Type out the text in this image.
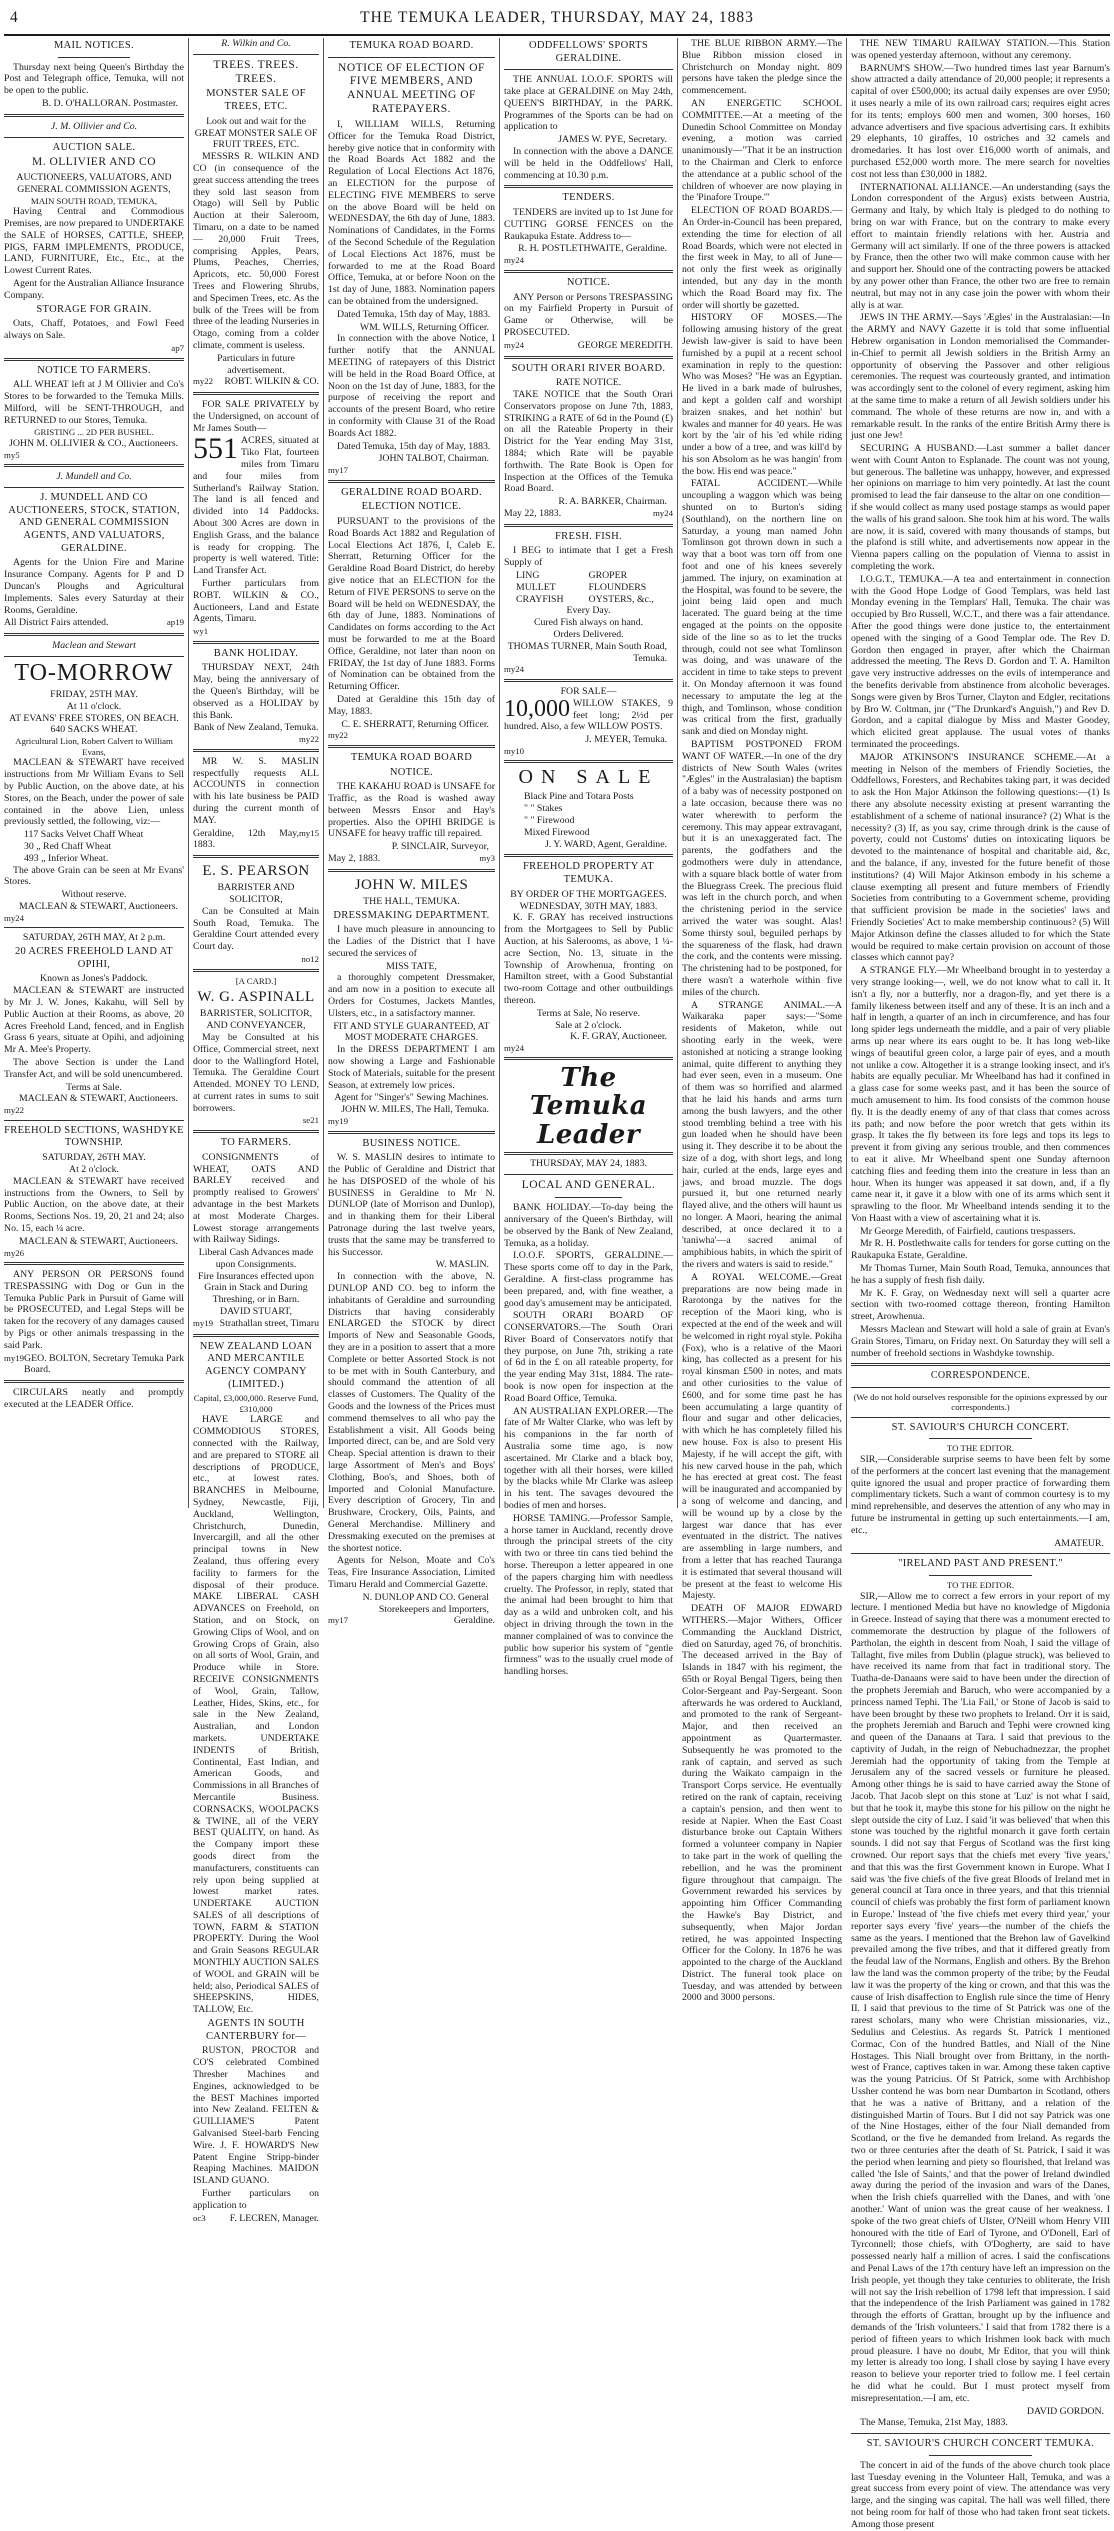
4	THE TEMUKA LEADER, THURSDAY, MAY 24, 1883
MAIL NOTICES.
Thursday next being Queen's Birthday the Post and Telegraph office, Temuka, will not be open to the public.
B. D. O'HALLORAN. Postmaster.
J. M. Ollivier and Co.
AUCTION SALE.
M. OLLIVIER AND CO
AUCTIONEERS, VALUATORS, AND GENERAL COMMISSION AGENTS,
MAIN SOUTH ROAD, TEMUKA,
Having Central and Commodious Premises, are now prepared to UNDERTAKE the SALE of HORSES, CATTLE, SHEEP, PIGS, FARM IMPLEMENTS, PRODUCE, LAND, FURNITURE, Etc., Etc., at the Lowest Current Rates.
Agent for the Australian Alliance Insurance Company.
STORAGE FOR GRAIN.
Oats, Chaff, Potatoes, and Fowl Feed always on Sale.
ap7
NOTICE TO FARMERS.
ALL WHEAT left at J M Ollivier and Co's Stores to be forwarded to the Temuka Mills. Milford, will be SENT-THROUGH, and RETURNED to our Stores, Temuka.
GRISTING ... 2D PER BUSHEL.
JOHN M. OLLIVIER & CO., Auctioneers.
my5
J. Mundell and Co.
J. MUNDELL AND CO AUCTIONEERS, STOCK, STATION, AND GENERAL COMMISSION AGENTS, AND VALUATORS, GERALDINE.
Agents for the Union Fire and Marine Insurance Company. Agents for P and D Duncan's Ploughs and Agricultural Implements. Sales every Saturday at their Rooms, Geraldine.
All District Fairs attended.	ap19
Maclean and Stewart
TO-MORROW
FRIDAY, 25TH MAY.
At 11 o'clock.
AT EVANS' FREE STORES, ON BEACH.
640 SACKS WHEAT.
Agricultural Lion, Robert Calvert to William Evans,
MACLEAN & STEWART have received instructions from Mr William Evans to Sell by Public Auction, on the above date, at his Stores, on the Beach, under the power of sale contained in the above Lien, unless previously settled, the following, viz:—
117 Sacks Velvet Chaff Wheat
30 „ Red Chaff Wheat
493 „ Inferior Wheat.
The above Grain can be seen at Mr Evans' Stores.
Without reserve.
MACLEAN & STEWART, Auctioneers.
my24
SATURDAY, 26TH MAY, At 2 p.m.
20 ACRES FREEHOLD LAND AT OPIHI,
Known as Jones's Paddock.
MACLEAN & STEWART are instructed by Mr J. W. Jones, Kakahu, will Sell by Public Auction at their Rooms, as above, 20 Acres Freehold Land, fenced, and in English Grass 6 years, situate at Opihi, and adjoining Mr A. Mee's Property.
The above Section is under the Land Transfer Act, and will be sold unencumbered.
Terms at Sale.
MACLEAN & STEWART, Auctioneers.
my22
FREEHOLD SECTIONS, WASHDYKE TOWNSHIP.
SATURDAY, 26TH MAY.
At 2 o'clock.
MACLEAN & STEWART have received instructions from the Owners, to Sell by Public Auction, on the above date, at their Rooms, Sections Nos. 19, 20, 21 and 24; also No. 15, each ¼ acre.
MACLEAN & STEWART, Auctioneers.
my26
ANY PERSON OR PERSONS found TRESPASSING with Dog or Gun in the Temuka Public Park in Pursuit of Game will be PROSECUTED, and Legal Steps will be taken for the recovery of any damages caused by Pigs or other animals trespassing in the said Park.
my19 GEO. BOLTON, Secretary Temuka Park Board.
CIRCULARS neatly and promptly executed at the LEADER Office.
R. Wilkin and Co.
TREES. TREES. TREES.
MONSTER SALE OF TREES, ETC.
Look out and wait for the GREAT MONSTER SALE OF FRUIT TREES, ETC.
MESSRS R. WILKIN AND CO (in consequence of the great success attending the trees they sold last season from Otago) will Sell by Public Auction at their Saleroom, Timaru, on a date to be named— 20,000 Fruit Trees, comprising Apples, Pears, Plums, Peaches, Cherries, Apricots, etc. 50,000 Forest Trees and Flowering Shrubs, and Specimen Trees, etc. As the bulk of the Trees will be from three of the leading Nurseries in Otago, coming from a colder climate, comment is useless.
Particulars in future advertisement.
my22 ROBT. WILKIN & CO.
FOR SALE PRIVATELY by the Undersigned, on account of Mr James South—
551 ACRES, situated at Tiko Flat, fourteen miles from Timaru and four miles from Sutherland's Railway Station. The land is all fenced and divided into 14 Paddocks. About 300 Acres are down in English Grass, and the balance is ready for cropping. The property is well watered. Title: Land Transfer Act.
Further particulars from ROBT. WILKIN & CO., Auctioneers, Land and Estate Agents, Timaru.
wy1
BANK HOLIDAY.
THURSDAY NEXT, 24th May, being the anniversary of the Queen's Birthday, will be observed as a HOLIDAY by this Bank.
Bank of New Zealand, Temuka.
my22
MR W. S. MASLIN respectfully requests ALL ACCOUNTS in connection with his late business be PAID during the current month of MAY.
Geraldine, 12th May, 1883.
my15
E. S. PEARSON
BARRISTER AND SOLICITOR,
Can be Consulted at Main South Road, Temuka. The Geraldine Court attended every Court day.
no12
[A CARD.]
W. G. ASPINALL
BARRISTER, SOLICITOR, AND CONVEYANCER,
May be Consulted at his Office, Commercial street, next door to the Wallingford Hotel, Temuka. The Geraldine Court Attended. MONEY TO LEND, at current rates in sums to suit borrowers.
se21
TO FARMERS.
CONSIGNMENTS of WHEAT, OATS AND BARLEY received and promptly realised to Growers' advantage in the best Markets at most Moderate Charges. Lowest storage arrangements with Railway Sidings.
Liberal Cash Advances made upon Consignments.
Fire Insurances effected upon Grain in Stack and During Threshing, or in Barn.
DAVID STUART,
my19 Strathallan street, Timaru
NEW ZEALAND LOAN AND MERCANTILE AGENCY COMPANY (LIMITED.)
Capital, £3,000,000. Reserve Fund, £310,000
HAVE LARGE and COMMODIOUS STORES, connected with the Railway, and are prepared to STORE all descriptions of PRODUCE, etc., at lowest rates. BRANCHES in Melbourne, Sydney, Newcastle, Fiji, Auckland, Wellington, Christchurch, Dunedin, Invercargill, and all the other principal towns in New Zealand, thus offering every facility to farmers for the disposal of their produce. MAKE LIBERAL CASH ADVANCES on Freehold, on Station, and on Stock, on Growing Clips of Wool, and on Growing Crops of Grain, also on all sorts of Wool, Grain, and Produce while in Store. RECEIVE CONSIGNMENTS of Wool, Grain, Tallow, Leather, Hides, Skins, etc., for sale in the New Zealand, Australian, and London markets. UNDERTAKE INDENTS of British, Continental, East Indian, and American Goods, and Commissions in all Branches of Mercantile Business. CORNSACKS, WOOLPACKS & TWINE, all of the VERY BEST QUALITY, on hand. As the Company import these goods direct from the manufacturers, constituents can rely upon being supplied at lowest market rates. UNDERTAKE AUCTION SALES of all descriptions of TOWN, FARM & STATION PROPERTY. During the Wool and Grain Seasons REGULAR MONTHLY AUCTION SALES of WOOL and GRAIN will be held; also, Periodical SALES of SHEEPSKINS, HIDES, TALLOW, Etc.
AGENTS IN SOUTH CANTERBURY for—
RUSTON, PROCTOR and CO'S celebrated Combined Thresher Machines and Engines, acknowledged to be the BEST Machines imported into New Zealand. FELTEN & GUILLIAME'S Patent Galvanised Steel-barb Fencing Wire. J. F. HOWARD'S New Patent Engine Stripp-binder Reaping Machines. MAIDON ISLAND GUANO.
Further particulars on application to
oc3 F. LECREN, Manager.
TEMUKA ROAD BOARD.
NOTICE OF ELECTION OF FIVE MEMBERS, AND ANNUAL MEETING OF RATEPAYERS.
I, WILLIAM WILLS, Returning Officer for the Temuka Road District, hereby give notice that in conformity with the Road Boards Act 1882 and the Regulation of Local Elections Act 1876, an ELECTION for the purpose of ELECTING FIVE MEMBERS to serve on the above Board will be held on WEDNESDAY, the 6th day of June, 1883. Nominations of Candidates, in the Forms of the Second Schedule of the Regulation of Local Elections Act 1876, must be forwarded to me at the Road Board Office, Temuka, at or before Noon on the 1st day of June, 1883. Nomination papers can be obtained from the undersigned.
Dated Temuka, 15th day of May, 1883.
WM. WILLS, Returning Officer.
In connection with the above Notice, I further notify that the ANNUAL MEETING of ratepayers of this District will be held in the Road Board Office, at Noon on the 1st day of June, 1883, for the purpose of receiving the report and accounts of the present Board, who retire in conformity with Clause 31 of the Road Boards Act 1882.
Dated Temuka, 15th day of May, 1883.
JOHN TALBOT, Chairman.
my17
GERALDINE ROAD BOARD.
ELECTION NOTICE.
PURSUANT to the provisions of the Road Boards Act 1882 and Regulation of Local Elections Act 1876, I, Caleb E. Sherratt, Returning Officer for the Geraldine Road Board District, do hereby give notice that an ELECTION for the Return of FIVE PERSONS to serve on the Board will be held on WEDNESDAY, the 6th day of June, 1883. Nominations of Candidates on forms according to the Act must be forwarded to me at the Board Office, Geraldine, not later than noon on FRIDAY, the 1st day of June 1883. Forms of Nomination can be obtained from the Returning Officer.
Dated at Geraldine this 15th day of May, 1883.
C. E. SHERRATT, Returning Officer.
my22
TEMUKA ROAD BOARD
NOTICE.
THE KAKAHU ROAD is UNSAFE for Traffic, as the Road is washed away between Messrs Ensor and Hay's properties. Also the OPIHI BRIDGE is UNSAFE for heavy traffic till repaired.
P. SINCLAIR, Surveyor,
May 2, 1883.	my3
JOHN W. MILES
THE HALL, TEMUKA.
DRESSMAKING DEPARTMENT.
I have much pleasure in announcing to the Ladies of the District that I have secured the services of
MISS TATE,
a thoroughly competent Dressmaker, and am now in a position to execute all Orders for Costumes, Jackets Mantles, Ulsters, etc., in a satisfactory manner.
FIT AND STYLE GUARANTEED, AT MOST MODERATE CHARGES.
In the DRESS DEPARTMENT I am now showing a Large and Fashionable Stock of Materials, suitable for the present Season, at extremely low prices.
Agent for "Singer's" Sewing Machines.
JOHN W. MILES, The Hall, Temuka.
my19
BUSINESS NOTICE.
W. S. MASLIN desires to intimate to the Public of Geraldine and District that he has DISPOSED of the whole of his BUSINESS in Geraldine to Mr N. DUNLOP (late of Morrison and Dunlop), and in thanking them for their Liberal Patronage during the last twelve years, trusts that the same may be transferred to his Successor.
W. MASLIN.
In connection with the above, N. DUNLOP AND CO. beg to inform the inhabitants of Geraldine and surrounding Districts that having considerably ENLARGED the STOCK by direct Imports of New and Seasonable Goods, they are in a position to assert that a more Complete or better Assorted Stock is not to be met with in South Canterbury, and should command the attention of all classes of Customers. The Quality of the Goods and the lowness of the Prices must commend themselves to all who pay the Establishment a visit. All Goods being Imported direct, can be, and are Sold very Cheap. Special attention is drawn to their large Assortment of Men's and Boys' Clothing, Boo's, and Shoes, both of Imported and Colonial Manufacture. Every description of Grocery, Tin and Brushware, Crockery, Oils, Paints, and General Merchandise. Millinery and Dressmaking executed on the premises at the shortest notice.
Agents for Nelson, Moate and Co's Teas, Fire Insurance Association, Limited Timaru Herald and Commercial Gazette.
N. DUNLOP AND CO. General Storekeepers and Importers,
my17	Geraldine.
ODDFELLOWS' SPORTS GERALDINE.
THE ANNUAL I.O.O.F. SPORTS will take place at GERALDINE on May 24th, QUEEN'S BIRTHDAY, in the PARK. Programmes of the Sports can be had on application to
JAMES W. PYE, Secretary.
In connection with the above a DANCE will be held in the Oddfellows' Hall, commencing at 10.30 p.m.
TENDERS.
TENDERS are invited up to 1st June for CUTTING GORSE FENCES on the Raukapuka Estate. Address to—
R. H. POSTLETHWAITE, Geraldine.
my24
NOTICE.
ANY Person or Persons TRESPASSING on my Fairfield Property in Pursuit of Game or Otherwise, will be PROSECUTED.
my24	GEORGE MEREDITH.
SOUTH ORARI RIVER BOARD.
RATE NOTICE.
TAKE NOTICE that the South Orari Conservators propose on June 7th, 1883, STRIKING a RATE of 6d in the Pound (£) on all the Rateable Property in their District for the Year ending May 31st, 1884; which Rate will be payable forthwith. The Rate Book is Open for Inspection at the Offices of the Temuka Road Board.
R. A. BARKER, Chairman.
May 22, 1883.	my24
FRESH. FISH.
I BEG to intimate that I get a Fresh Supply of
LING	GROPER
MULLET	FLOUNDERS
CRAYFISH	OYSTERS, &c.,
Every Day.
Cured Fish always on hand.
Orders Delivered.
THOMAS TURNER, Main South Road, Temuka.
my24
FOR SALE—
10,000 WILLOW STAKES, 9 feet long; 2½d per hundred. Also, a few WILLOW POSTS.
J. MEYER, Temuka.
my10
ON SALE
Black Pine and Totara Posts
" " Stakes
" " Firewood
Mixed Firewood
J. Y. WARD, Agent, Geraldine.
FREEHOLD PROPERTY AT TEMUKA.
BY ORDER OF THE MORTGAGEES.
WEDNESDAY, 30TH MAY, 1883.
K. F. GRAY has received instructions from the Mortgagees to Sell by Public Auction, at his Salerooms, as above, 1 ¼-acre Section, No. 13, situate in the Township of Arowhenua, fronting on Hamilton street, with a Good Substantial two-room Cottage and other outbuildings thereon.
Terms at Sale, No reserve.
Sale at 2 o'clock.
K. F. GRAY, Auctioneer.
my24
The Temuka Leader
THURSDAY, MAY 24, 1883.
LOCAL AND GENERAL.
BANK HOLIDAY.—To-day being the anniversary of the Queen's Birthday, will be observed by the Bank of New Zealand, Temuka, as a holiday.
I.O.O.F. SPORTS, GERALDINE.—These sports come off to day in the Park, Geraldine. A first-class programme has been prepared, and, with fine weather, a good day's amusement may be anticipated.
SOUTH ORARI BOARD OF CONSERVATORS.—The South Orari River Board of Conservators notify that they purpose, on June 7th, striking a rate of 6d in the £ on all rateable property, for the year ending May 31st, 1884. The rate-book is now open for inspection at the Road Board Office, Temuka.
AN AUSTRALIAN EXPLORER.—The fate of Mr Walter Clarke, who was left by his companions in the far north of Australia some time ago, is now ascertained. Mr Clarke and a black boy, together with all their horses, were killed by the blacks while Mr Clarke was asleep in his tent. The savages devoured the bodies of men and horses.
HORSE TAMING.—Professor Sample, a horse tamer in Auckland, recently drove through the principal streets of the city with two or three tin cans tied behind the horse. Thereupon a letter appeared in one of the papers charging him with needless cruelty. The Professor, in reply, stated that the animal had been brought to him that day as a wild and unbroken colt, and his object in driving through the town in the manner complained of was to convince the public how superior his system of "gentle firmness" was to the usually cruel mode of handling horses.
THE BLUE RIBBON ARMY.—The Blue Ribbon mission closed in Christchurch on Monday night. 809 persons have taken the pledge since the commencement.
AN ENERGETIC SCHOOL COMMITTEE.—At a meeting of the Dunedin School Committee on Monday evening, a motion was carried unanimously—"That it be an instruction to the Chairman and Clerk to enforce the attendance at a public school of the children of whoever are now playing in the 'Pinafore Troupe.'"
ELECTION OF ROAD BOARDS.—An Order-in-Council has been prepared, extending the time for election of all Road Boards, which were not elected in the first week in May, to all of June—not only the first week as originally intended, but any day in the month which the Road Board may fix. The order will shortly be gazetted.
HISTORY OF MOSES.—The following amusing history of the great Jewish law-giver is said to have been furnished by a pupil at a recent school examination in reply to the question: Who was Moses? "He was an Egyptian. He lived in a bark made of bulrushes, and kept a golden calf and worshipt braizen snakes, and het nothin' but kwales and manner for 40 years. He was kort by the 'air of his 'ed while riding under a bow of a tree, and was kill'd by his son Absolom as he was hangin' from the bow. His end was peace."
FATAL ACCIDENT.—While uncoupling a waggon which was being shunted on to Burton's siding (Southland), on the northern line on Saturday, a young man named John Tomlinson got thrown down in such a way that a boot was torn off from one foot and one of his knees severely jammed. The injury, on examination at the Hospital, was found to be severe, the joint being laid open and much lacerated. The guard being at the time engaged at the points on the opposite side of the line so as to let the trucks through, could not see what Tomlinson was doing, and was unaware of the accident in time to take steps to prevent it. On Monday afternoon it was found necessary to amputate the leg at the thigh, and Tomlinson, whose condition was critical from the first, gradually sank and died on Monday night.
BAPTISM POSTPONED FROM WANT OF WATER.—In one of the dry districts of New South Wales (writes "Ægles" in the Australasian) the baptism of a baby was of necessity postponed on a late occasion, because there was no water wherewith to perform the ceremony. This may appear extravagant, but it is an unexaggerated fact. The parents, the godfathers and the godmothers were duly in attendance, with a square black bottle of water from the Bluegrass Creek. The precious fluid was left in the church porch, and when the christening period in the service arrived the water was sought. Alas! Some thirsty soul, beguiled perhaps by the squareness of the flask, had drawn the cork, and the contents were missing. The christening had to be postponed, for there wasn't a waterhole within five miles of the church.
A STRANGE ANIMAL.—A Waikaraka paper says:—"Some residents of Maketon, while out shooting early in the week, were astonished at noticing a strange looking animal, quite different to anything they had ever seen, even in a museum. One of them was so horrified and alarmed that he laid his hands and arms turn among the bush lawyers, and the other stood trembling behind a tree with his gun loaded when he should have been using it. They describe it to be about the size of a dog, with short legs, and long hair, curled at the ends, large eyes and jaws, and broad muzzle. The dogs pursued it, but one returned nearly flayed alive, and the others will haunt us no longer. A Maori, hearing the animal described, at once declared it to a 'taniwha'—a sacred animal of amphibious habits, in which the spirit of the rivers and waters is said to reside."
A ROYAL WELCOME.—Great preparations are now being made in Rarotonga by the natives for the reception of the Maori king, who is expected at the end of the week and will be welcomed in right royal style. Pokiha (Fox), who is a relative of the Maori king, has collected as a present for his royal kinsman £500 in notes, and mats and other curiosities to the value of £600, and for some time past he has been accumulating a large quantity of flour and sugar and other delicacies, with which he has completely filled his new house. Fox is also to present His Majesty, if he will accept the gift, with his new carved house in the pah, which he has erected at great cost. The feast will be inaugurated and accompanied by a song of welcome and dancing, and will be wound up by a close by the largest war dance that has ever eventuated in the district. The natives are assembling in large numbers, and from a letter that has reached Tauranga it is estimated that several thousand will be present at the feast to welcome His Majesty.
DEATH OF MAJOR EDWARD WITHERS.—Major Withers, Officer Commanding the Auckland District, died on Saturday, aged 76, of bronchitis. The deceased arrived in the Bay of Islands in 1847 with his regiment, the 65th or Royal Bengal Tigers, being then Color-Sergeant and Pay-Sergeant. Soon afterwards he was ordered to Auckland, and promoted to the rank of Sergeant-Major, and then received an appointment as Quartermaster. Subsequently he was promoted to the rank of captain, and served as such during the Waikato campaign in the Transport Corps service. He eventually retired on the rank of captain, receiving a captain's pension, and then went to reside at Napier. When the East Coast disturbance broke out Captain Withers formed a volunteer company in Napier to take part in the work of quelling the rebellion, and he was the prominent figure throughout that campaign. The Government rewarded his services by appointing him Officer Commanding the Hawke's Bay District, and subsequently, when Major Jordan retired, he was appointed Inspecting Officer for the Colony. In 1876 he was appointed to the charge of the Auckland District. The funeral took place on Tuesday, and was attended by between 2000 and 3000 persons.
THE NEW TIMARU RAILWAY STATION.—This Station was opened yesterday afternoon, without any ceremony.
BARNUM'S SHOW.—Two hundred times last year Barnum's show attracted a daily attendance of 20,000 people; it represents a capital of over £500,000; its actual daily expenses are over £950; it uses nearly a mile of its own railroad cars; requires eight acres for its tents; employs 600 men and women, 300 horses, 160 advance advertisers and five spacious advertising cars. It exhibits 29 elephants, 10 giraffes, 10 ostriches and 32 camels and dromedaries. It has lost over £16,000 worth of animals, and purchased £52,000 worth more. The mere search for novelties cost not less than £30,000 in 1882.
INTERNATIONAL ALLIANCE.—An understanding (says the London correspondent of the Argus) exists between Austria, Germany and Italy, by which Italy is pledged to do nothing to bring on war with France, but on the contrary to make every effort to maintain friendly relations with her. Austria and Germany will act similarly. If one of the three powers is attacked by France, then the other two will make common cause with her and support her. Should one of the contracting powers be attacked by any power other than France, the other two are free to remain neutral, but may not in any case join the power with whom their ally is at war.
JEWS IN THE ARMY.—Says 'Ægles' in the Australasian:—In the ARMY and NAVY Gazette it is told that some influential Hebrew organisation in London memorialised the Commander-in-Chief to permit all Jewish soldiers in the British Army an opportunity of observing the Passover and other religious ceremonies. The request was courteously granted, and intimation was accordingly sent to the colonel of every regiment, asking him at the same time to make a return of all Jewish soldiers under his command. The whole of these returns are now in, and with a remarkable result. In the ranks of the entire British Army there is just one Jew!
SECURING A HUSBAND.—Last summer a ballet dancer went with Count Anton to Esplanade. The count was not young, but generous. The balletine was unhappy, however, and expressed her opinions on marriage to him very pointedly. At last the count promised to lead the fair danseuse to the altar on one condition—if she would collect as many used postage stamps as would paper the walls of his grand saloon. She took him at his word. The walls are now, it is said, covered with many thousands of stamps, but the plafond is still white, and advertisements now appear in the Vienna papers calling on the population of Vienna to assist in completing the work.
I.O.G.T., TEMUKA.—A tea and entertainment in connection with the Good Hope Lodge of Good Templars, was held last Monday evening in the Templars' Hall, Temuka. The chair was occupied by Bro Russell, W.C.T., and there was a fair attendance. After the good things were done justice to, the entertainment opened with the singing of a Good Templar ode. The Rev D. Gordon then engaged in prayer, after which the Chairman addressed the meeting. The Revs D. Gordon and T. A. Hamilton gave very instructive addresses on the evils of intemperance and the benefits derivable from abstinence from alcoholic beverages. Songs were given by Bros Turner, Clayton and Edgler, recitations by Bro W. Coltman, jnr ("The Drunkard's Anguish,") and Rev D. Gordon, and a capital dialogue by Miss and Master Goodey, which elicited great applause. The usual votes of thanks terminated the proceedings.
MAJOR ATKINSON'S INSURANCE SCHEME.—At a meeting in Nelson of the members of Friendly Societies, the Oddfellows, Foresters, and Rechabites taking part, it was decided to ask the Hon Major Atkinson the following questions:—(1) Is there any absolute necessity existing at present warranting the establishment of a scheme of national insurance? (2) What is the necessity? (3) If, as you say, crime through drink is the cause of poverty, could not Customs' duties on intoxicating liquors be devoted to the maintenance of hospital and charitable aid, &c, and the balance, if any, invested for the future benefit of those institutions? (4) Will Major Atkinson embody in his scheme a clause exempting all present and future members of Friendly Societies from contributing to a Government scheme, providing that sufficient provision be made in the societies' laws and Friendly Societies' Act to make membership continuous? (5) Will Major Atkinson define the classes alluded to for which the State would be required to make certain provision on account of those classes which cannot pay?
A STRANGE FLY.—Mr Wheelband brought in to yesterday a very strange looking—, well, we do not know what to call it. It isn't a fly, nor a butterfly, nor a dragon-fly, and yet there is a family likeness between itself and any of these. It is an inch and a half in length, a quarter of an inch in circumference, and has four long spider legs underneath the middle, and a pair of very pliable arms up near where its ears ought to be. It has long web-like wings of beautiful green color, a large pair of eyes, and a mouth not unlike a cow. Altogether it is a strange looking insect, and it's habits are equally peculiar. Mr Wheelband has had it confined in a glass case for some weeks past, and it has been the source of much amusement to him. Its food consists of the common house fly. It is the deadly enemy of any of that class that comes across its path; and now before the poor wretch that gets within its grasp. It takes the fly between its fore legs and tops its legs to prevent it from giving any serious trouble, and then commences to eat it alive. Mr Wheelband spent one Sunday afternoon catching flies and feeding them into the creature in less than an hour. When its hunger was appeased it sat down, and, if a fly came near it, it gave it a blow with one of its arms which sent it sprawling to the floor. Mr Wheelband intends sending it to the Von Haast with a view of ascertaining what it is.
Mr George Meredith, of Fairfield, cautions trespassers.
Mr R. H. Postlethwaite calls for tenders for gorse cutting on the Raukapuka Estate, Geraldine.
Mr Thomas Turner, Main South Road, Temuka, announces that he has a supply of fresh fish daily.
Mr K. F. Gray, on Wednesday next will sell a quarter acre section with two-roomed cottage thereon, fronting Hamilton street, Arowhenua.
Messrs Maclean and Stewart will hold a sale of grain at Evan's Grain Stores, Timaru, on Friday next. On Saturday they will sell a number of freehold sections in Washdyke township.
CORRESPONDENCE.
(We do not hold ourselves responsible for the opinions expressed by our correspondents.)
ST. SAVIOUR'S CHURCH CONCERT.
TO THE EDITOR.
SIR,—Considerable surprise seems to have been felt by some of the performers at the concert last evening that the management quite ignored the usual and proper practice of forwarding them complimentary tickets. Such a want of common courtesy is to my mind reprehensible, and deserves the attention of any who may in future be instrumental in getting up such entertainments.—I am, etc.,
AMATEUR.
"IRELAND PAST AND PRESENT."
TO THE EDITOR.
SIR,—Allow me to correct a few errors in your report of my lecture. I mentioned Media but have no knowledge of Migdonia in Greece. Instead of saying that there was a monument erected to commemorate the destruction by plague of the followers of Partholan, the eighth in descent from Noah, I said the village of Tallaght, five miles from Dublin (plague struck), was believed to have received its name from that fact in traditional story. The Tuatha-de-Danaans were said to have been under the direction of the prophets Jeremiah and Baruch, who were accompanied by a princess named Tephi. The 'Lia Fail,' or Stone of Jacob is said to have been brought by these two prophets to Ireland. Orr it is said, the prophets Jeremiah and Baruch and Tephi were crowned king and queen of the Danaans at Tara. I said that previous to the captivity of Judah, in the reign of Nebuchadnezzar, the prophet Jeremiah had the opportunity of taking from the Temple at Jerusalem any of the sacred vessels or furniture he pleased. Among other things he is said to have carried away the Stone of Jacob. That Jacob slept on this stone at 'Luz' is not what I said, but that he took it, maybe this stone for his pillow on the night he slept outside the city of Luz. I said 'it was believed' that when this stone was touched by the rightful monarch it gave forth certain sounds. I did not say that Fergus of Scotland was the first king crowned. Our report says that the chiefs met every 'five years,' and that this was the first Government known in Europe. What I said was 'the five chiefs of the five great Bloods of Ireland met in general council at Tara once in three years, and that this triennial council of chiefs was probably the first form of parliament known in Europe.' Instead of 'the five chiefs met every third year,' your reporter says every 'five' years—the number of the chiefs the same as the years. I mentioned that the Brehon law of Gavelkind prevailed among the five tribes, and that it differed greatly from the feudal law of the Normans, English and others. By the Brehon law the land was the common property of the tribe; by the Feudal law it was the property of the king or crown, and that this was the cause of Irish disaffection to English rule since the time of Henry II. I said that previous to the time of St Patrick was one of the rarest scholars, many who were Christian missionaries, viz., Sedulius and Celestius. As regards St. Patrick I mentioned Cormac, Con of the hundred Battles, and Niall of the Nine Hostages. This Niall brought over from Brittany, in the north-west of France, captives taken in war. Among these taken captive was the young Patricius. Of St Patrick, some with Archbishop Ussher contend he was born near Dumbarton in Scotland, others that he was a native of Brittany, and a relation of the distinguished Martin of Tours. But I did not say Patrick was one of the Nine Hostages, either of the four Niall demanded from Scotland, or the five he demanded from Ireland. As regards the two or three centuries after the death of St. Patrick, I said it was the period when learning and piety so flourished, that Ireland was called 'the Isle of Saints,' and that the power of Ireland dwindled away during the period of the invasion and wars of the Danes, when the Irish chiefs quarrelled with the Danes, and with 'one another.' Want of union was the great cause of her weakness. I spoke of the two great chiefs of Ulster, O'Neill whom Henry VIII honoured with the title of Earl of Tyrone, and O'Donell, Earl of Tyrconnell; those chiefs, with O'Dogherty, are said to have possessed nearly half a million of acres. I said the confiscations and Penal Laws of the 17th century have left an impression on the Irish people, yet though they take centuries to obliterate, the Irish will not say the Irish rebellion of 1798 left that impression. I said that the independence of the Irish Parliament was gained in 1782 through the efforts of Grattan, brought up by the influence and demands of the 'Irish volunteers.' I said that from 1782 there is a period of fifteen years to which Irishmen look back with much proud pleasure. I have no doubt, Mr Editor, that you will think my letter is already too long. I shall close by saying I have every reason to believe your reporter tried to follow me. I feel certain he did what he could. But I must protect myself from misrepresentation.—I am, etc.
DAVID GORDON.
The Manse, Temuka, 21st May, 1883.
ST. SAVIOUR'S CHURCH CONCERT TEMUKA.
The concert in aid of the funds of the above church took place last Tuesday evening in the Volunteer Hall, Temuka, and was a great success from every point of view. The attendance was very large, and the singing was capital. The hall was well filled, there not being room for half of those who had taken front seat tickets. Among those present
